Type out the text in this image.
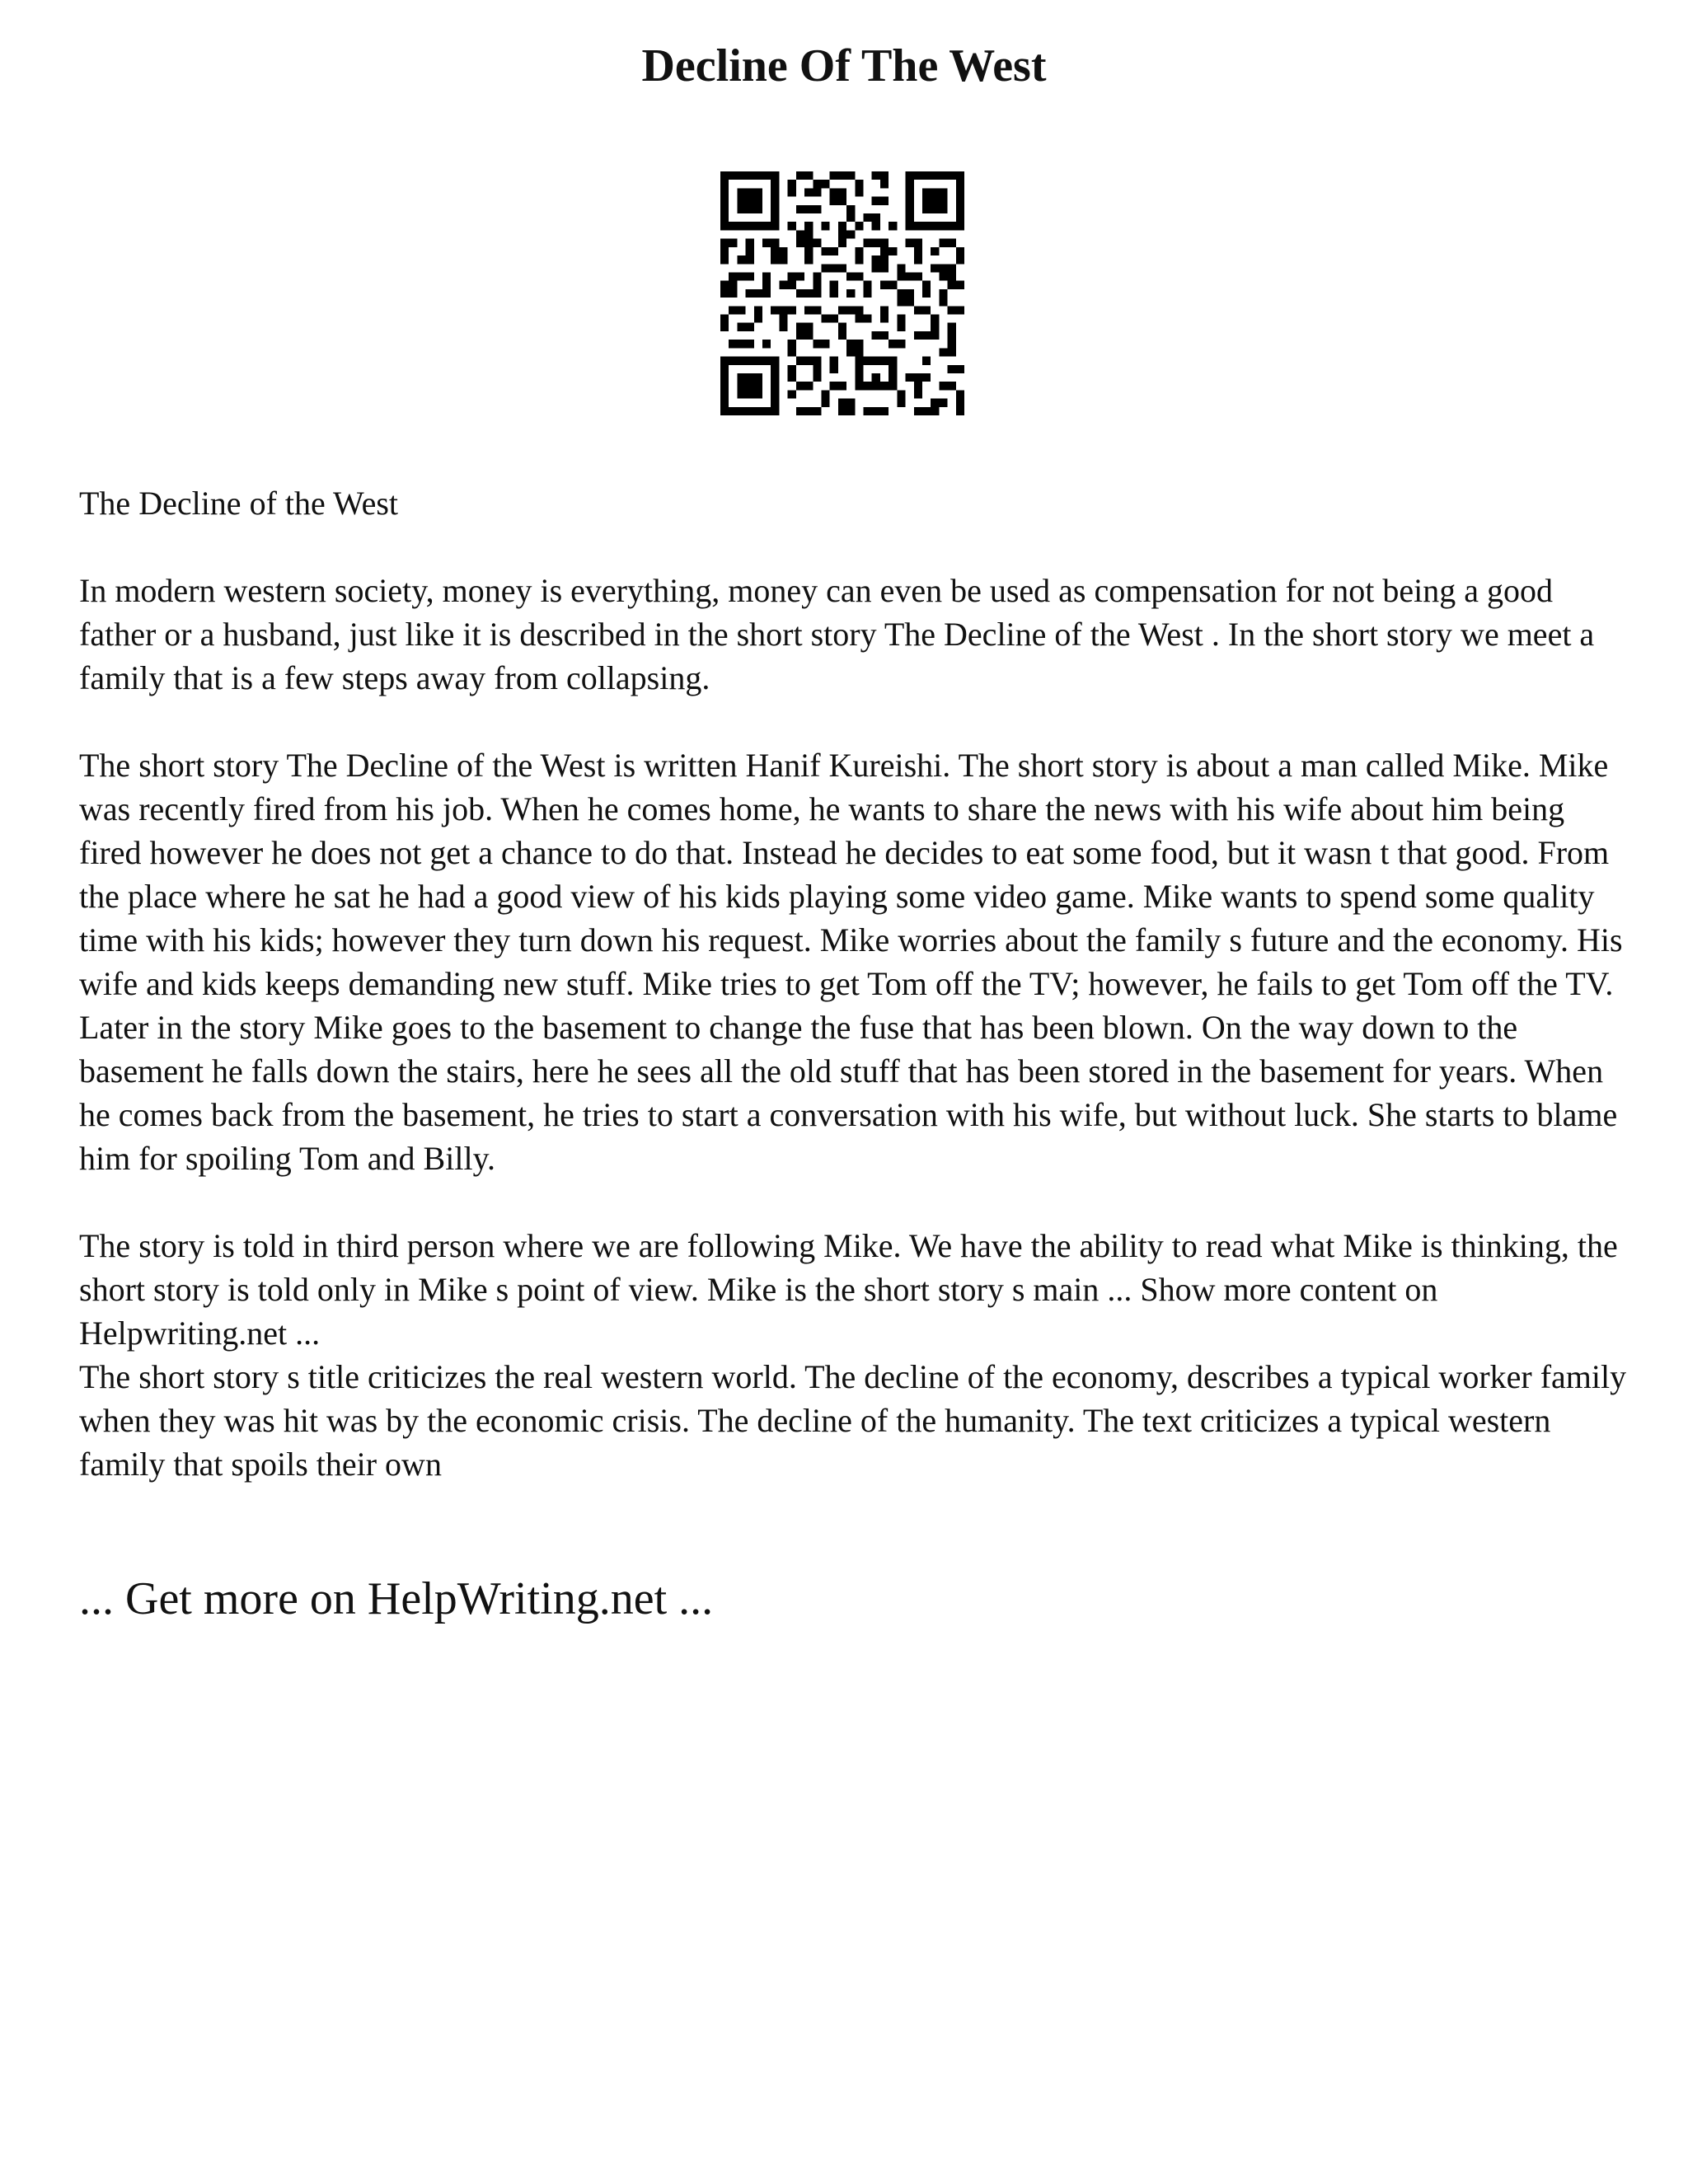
Decline Of The West

The Decline of the West

In modern western society, money is everything, money can even be used as compensation for not being a good father or a husband, just like it is described in the short story The Decline of the West . In the short story we meet a family that is a few steps away from collapsing.

The short story The Decline of the West is written Hanif Kureishi. The short story is about a man called Mike. Mike was recently fired from his job. When he comes home, he wants to share the news with his wife about him being fired however he does not get a chance to do that. Instead he decides to eat some food, but it wasn t that good. From the place where he sat he had a good view of his kids playing some video game. Mike wants to spend some quality time with his kids; however they turn down his request. Mike worries about the family s future and the economy. His wife and kids keeps demanding new stuff. Mike tries to get Tom off the TV; however, he fails to get Tom off the TV. Later in the story Mike goes to the basement to change the fuse that has been blown. On the way down to the basement he falls down the stairs, here he sees all the old stuff that has been stored in the basement for years. When he comes back from the basement, he tries to start a conversation with his wife, but without luck. She starts to blame him for spoiling Tom and Billy.

The story is told in third person where we are following Mike. We have the ability to read what Mike is thinking, the short story is told only in Mike s point of view. Mike is the short story s main ... Show more content on Helpwriting.net ...

The short story s title criticizes the real western world. The decline of the economy, describes a typical worker family when they was hit was by the economic crisis. The decline of the humanity. The text criticizes a typical western family that spoils their own

... Get more on HelpWriting.net ...
